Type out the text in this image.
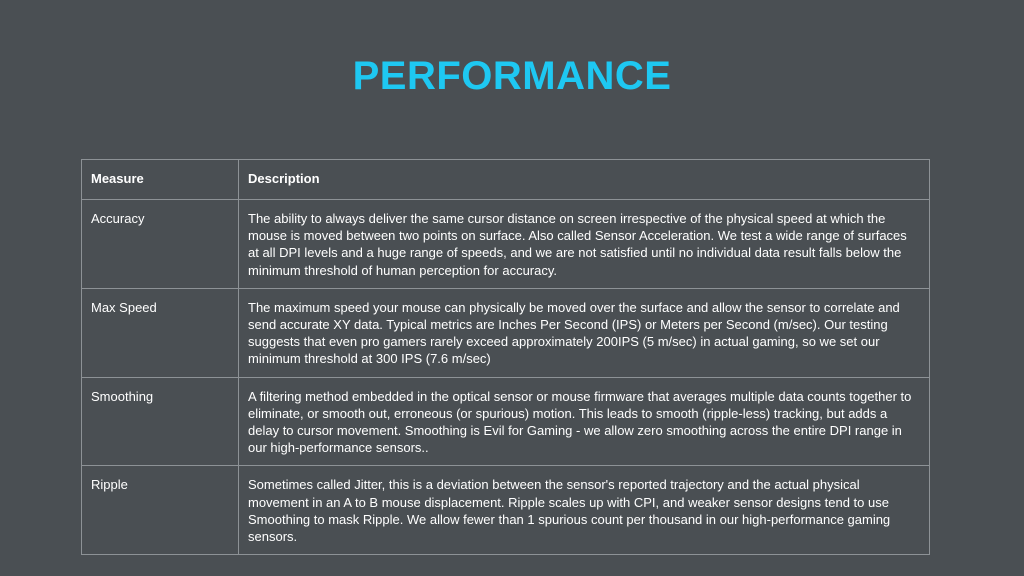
PERFORMANCE
Measure	Description
Accuracy	The ability to always deliver the same cursor distance on screen irrespective of the physical speed at which the mouse is moved between two points on surface. Also called Sensor Acceleration. We test a wide range of surfaces at all DPI levels and a huge range of speeds, and we are not satisfied until no individual data result falls below the minimum threshold of human perception for accuracy.
Max Speed	The maximum speed your mouse can physically be moved over the surface and allow the sensor to correlate and send accurate XY data. Typical metrics are Inches Per Second (IPS) or Meters per Second (m/sec). Our testing suggests that even pro gamers rarely exceed approximately 200IPS (5 m/sec) in actual gaming, so we set our minimum threshold at 300 IPS (7.6 m/sec)
Smoothing	A filtering method embedded in the optical sensor or mouse firmware that averages multiple data counts together to eliminate, or smooth out, erroneous (or spurious) motion. This leads to smooth (ripple-less) tracking, but adds a delay to cursor movement. Smoothing is Evil for Gaming - we allow zero smoothing across the entire DPI range in our high-performance sensors..
Ripple	Sometimes called Jitter, this is a deviation between the sensor's reported trajectory and the actual physical movement in an A to B mouse displacement. Ripple scales up with CPI, and weaker sensor designs tend to use Smoothing to mask Ripple. We allow fewer than 1 spurious count per thousand in our high-performance gaming sensors.
